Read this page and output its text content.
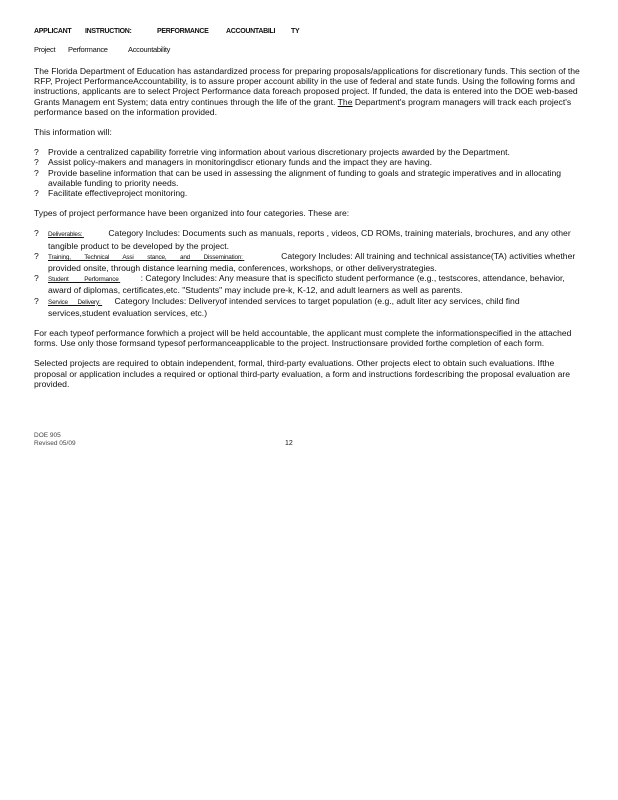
APPLICANT INSTRUCTION:	PERFORMANCE ACCOUNTABILI TY
Project Performance	Accountability

The Florida Department of Education has astandardized process for preparing proposals/applications for discretionary funds. This section of the RFP, Project PerformanceAccountability, is to assure proper account ability in the use of federal and state funds. Using the following forms and instructions, applicants are to select Project Performance data foreach proposed project. If funded, the data is entered into the DOE web-based Grants Managem ent System; data entry continues through the life of the grant. The Department's program managers will track each project's performance based on the information provided.

This information will:

? Provide a centralized capability forretrie ving information about various discretionary projects awarded by the Department.
? Assist policy-makers and managers in monitoringdiscr etionary funds and the impact they are having.
? Provide baseline information that can be used in assessing the alignment of funding to goals and strategic imperatives and in allocating available funding to priority needs.
? Facilitate effectiveproject monitoring.

Types of project performance have been organized into four categories. These are:

? Deliverables:	Category Includes: Documents such as manuals, reports , videos, CD ROMs, training materials, brochures, and any other tangible product to be developed by the project.
? Training, Technical Assi stance, and Dissemination:	Category Includes: All training and technical assistance(TA) activities whether provided onsite, through distance learning media, conferences, workshops, or other deliverystrategies.
? Student Performance	: Category Includes: Any measure that is specificto student performance (e.g., testscores, attendance, behavior, award of diplomas, certificates,etc. "Students" may include pre-k, K-12, and adult learners as well as parents.
? Service Delivery: Category Includes: Deliveryof intended services to target population (e.g., adult liter acy services, child find services,student evaluation services, etc.)

For each typeof performance forwhich a project will be held accountable, the applicant must complete the informationspecified in the attached forms. Use only those formsand typesof performanceapplicable to the project. Instructionsare provided forthe completion of each form.

Selected projects are required to obtain independent, formal, third-party evaluations. Other projects elect to obtain such evaluations. Ifthe proposal or application includes a required or optional third-party evaluation, a form and instructions fordescribing the proposal evaluation are provided.

DOE 905
Revised 05/09	12
